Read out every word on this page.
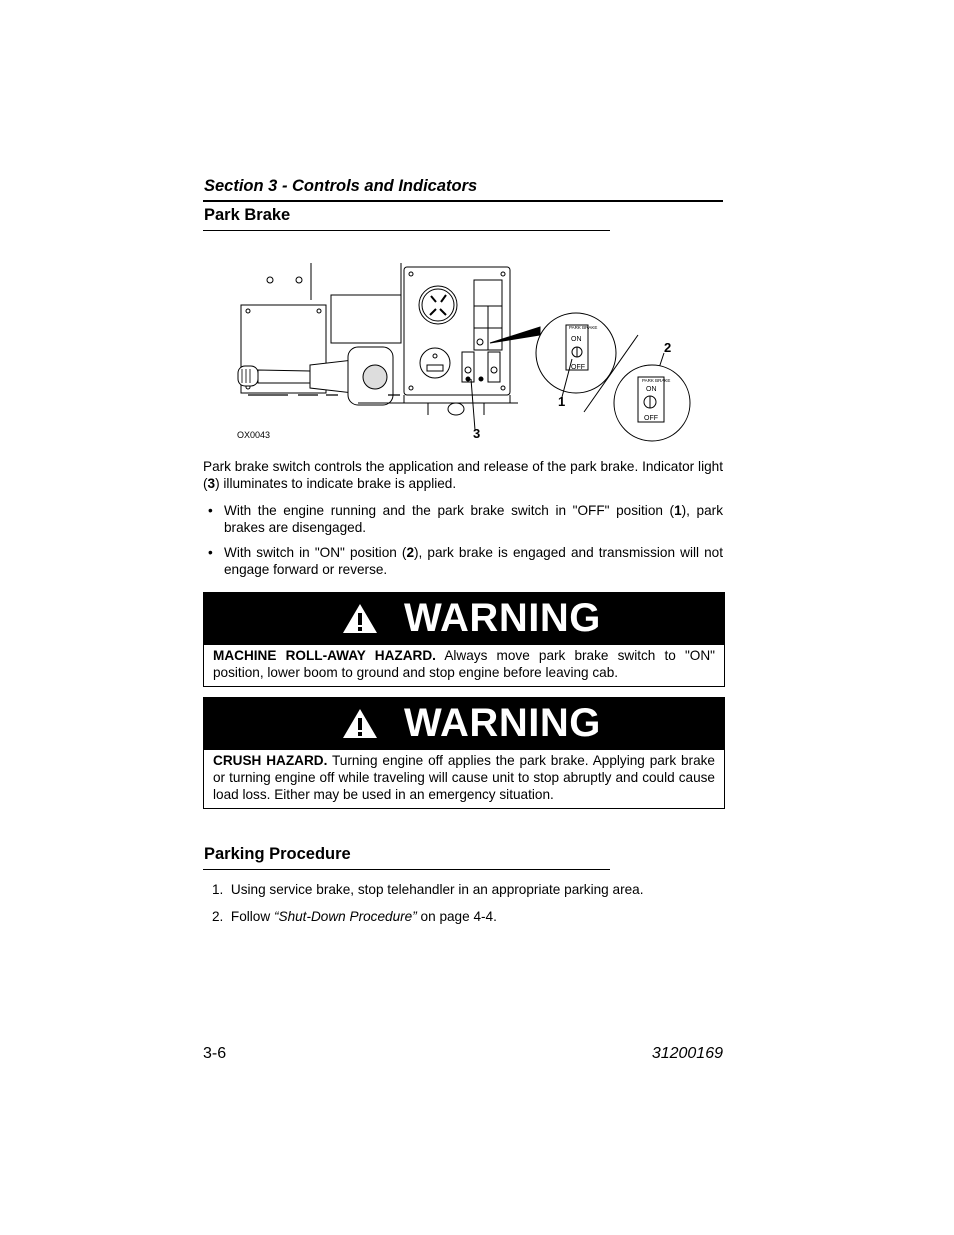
Section 3 - Controls and Indicators
Park Brake
PARK BRAKE
ON
OFF
PARK BRAKE
ON
OFF
1
2
3
OX0043
Park brake switch controls the application and release of the park brake. Indicator light (3) illuminates to indicate brake is applied.
• With the engine running and the park brake switch in "OFF" position (1), park brakes are disengaged.
• With switch in "ON" position (2), park brake is engaged and transmission will not engage forward or reverse.
WARNING
MACHINE ROLL-AWAY HAZARD. Always move park brake switch to "ON" position, lower boom to ground and stop engine before leaving cab.
WARNING
CRUSH HAZARD. Turning engine off applies the park brake. Applying park brake or turning engine off while traveling will cause unit to stop abruptly and could cause load loss. Either may be used in an emergency situation.
Parking Procedure
1. Using service brake, stop telehandler in an appropriate parking area.
2. Follow “Shut-Down Procedure” on page 4-4.
3-6	31200169
